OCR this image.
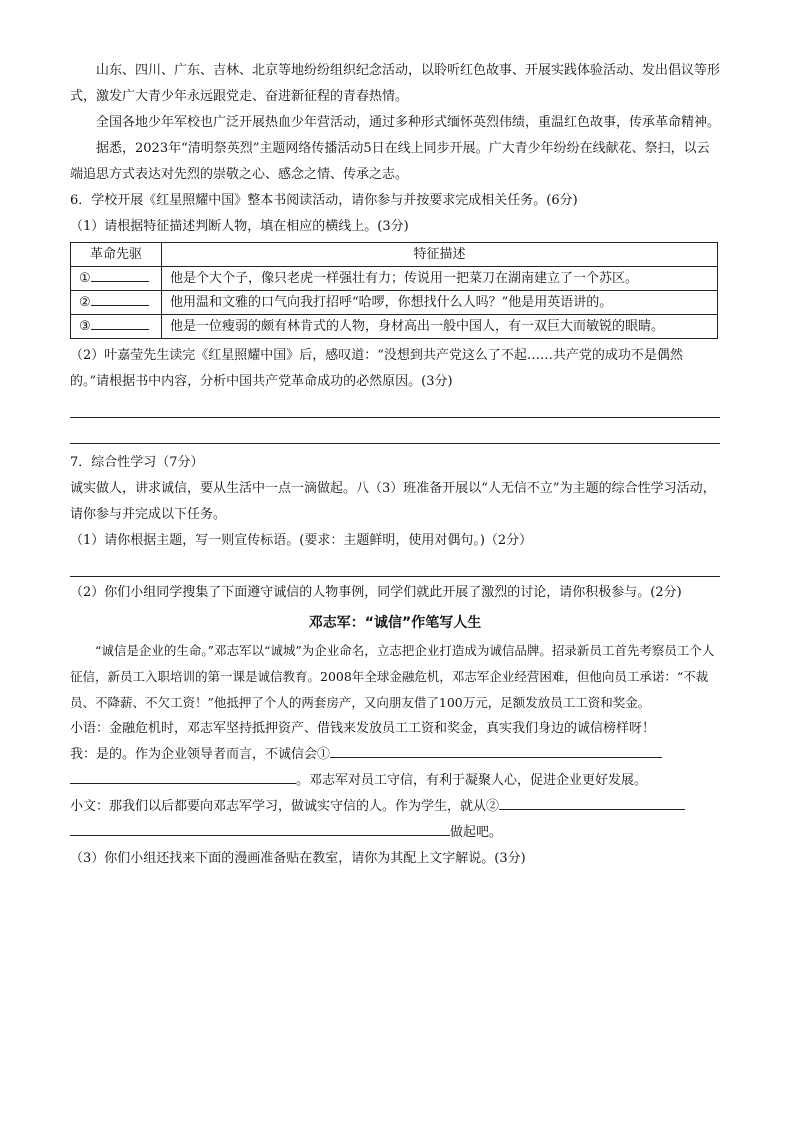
山东、四川、广东、吉林、北京等地纷纷组织纪念活动，以聆听红色故事、开展实践体验活动、发出倡议等形式，激发广大青少年永远跟党走、奋进新征程的青春热情。

全国各地少年军校也广泛开展热血少年营活动，通过多种形式缅怀英烈伟绩，重温红色故事，传承革命精神。

据悉，2023年“清明祭英烈”主题网络传播活动5日在线上同步开展。广大青少年纷纷在线献花、祭扫，以云端追思方式表达对先烈的崇敬之心、感念之情、传承之志。

6．学校开展《红星照耀中国》整本书阅读活动，请你参与并按要求完成相关任务。(6分)

（1）请根据特征描述判断人物，填在相应的横线上。(3分)

革命先驱	特征描述
①	他是个大个子，像只老虎一样强壮有力；传说用一把菜刀在湖南建立了一个苏区。
②	他用温和文雅的口气向我打招呼“哈啰，你想找什么人吗？”他是用英语讲的。
③	他是一位瘦弱的颇有林肯式的人物，身材高出一般中国人，有一双巨大而敏锐的眼睛。

（2）叶嘉莹先生读完《红星照耀中国》后，感叹道：“没想到共产党这么了不起……共产党的成功不是偶然的。”请根据书中内容，分析中国共产党革命成功的必然原因。(3分)

7．综合性学习（7分）

诚实做人，讲求诚信，要从生活中一点一滴做起。八（3）班准备开展以“人无信不立”为主题的综合性学习活动，请你参与并完成以下任务。

（1）请你根据主题，写一则宣传标语。(要求：主题鲜明，使用对偶句。)（2分）

（2）你们小组同学搜集了下面遵守诚信的人物事例，同学们就此开展了激烈的讨论，请你积极参与。(2分)

邓志军：“诚信”作笔写人生

“诚信是企业的生命。”邓志军以“诚城”为企业命名，立志把企业打造成为诚信品牌。招录新员工首先考察员工个人征信，新员工入职培训的第一课是诚信教育。2008年全球金融危机，邓志军企业经营困难，但他向员工承诺：“不裁员、不降薪、不欠工资！”他抵押了个人的两套房产，又向朋友借了100万元，足额发放员工工资和奖金。

小语：金融危机时，邓志军坚持抵押资产、借钱来发放员工工资和奖金，真实我们身边的诚信榜样呀！

我：是的。作为企业领导者而言，不诚信会①

。邓志军对员工守信，有利于凝聚人心，促进企业更好发展。

小文：那我们以后都要向邓志军学习，做诚实守信的人。作为学生，就从②

做起吧。

（3）你们小组还找来下面的漫画准备贴在教室，请你为其配上文字解说。(3分)
